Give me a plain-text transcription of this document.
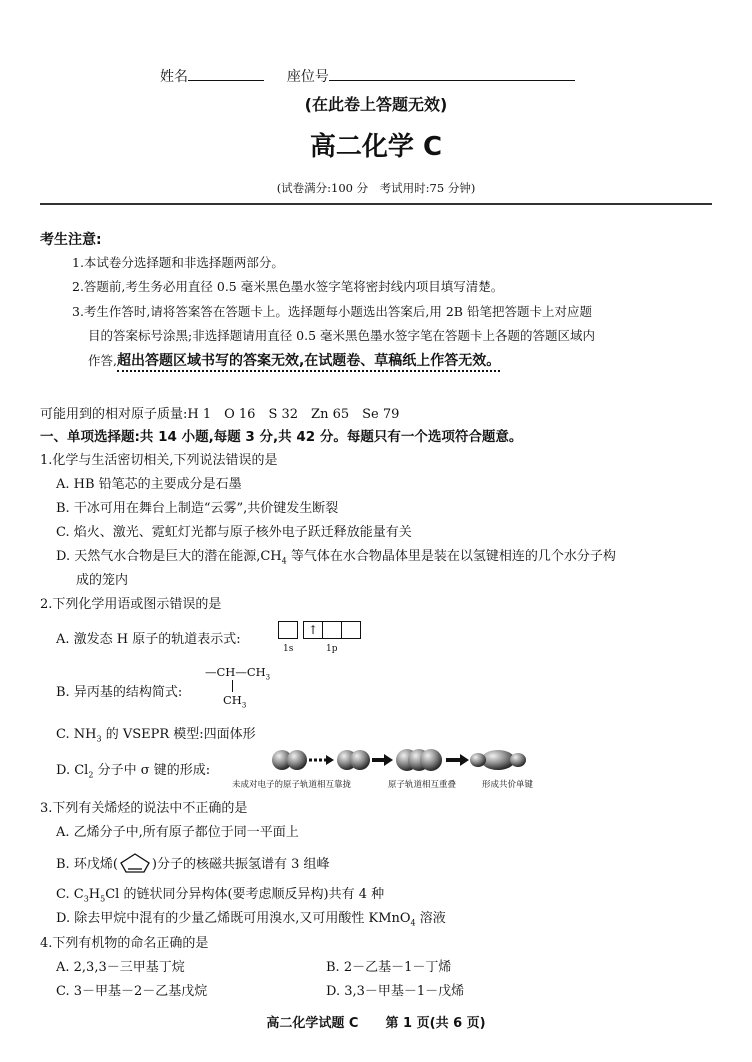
姓名	座位号
(在此卷上答题无效)
高二化学 C
(试卷满分:100 分　考试用时:75 分钟)
考生注意:
1.本试卷分选择题和非选择题两部分。
2.答题前,考生务必用直径 0.5 毫米黑色墨水签字笔将密封线内项目填写清楚。
3.考生作答时,请将答案答在答题卡上。选择题每小题选出答案后,用 2B 铅笔把答题卡上对应题
目的答案标号涂黑;非选择题请用直径 0.5 毫米黑色墨水签字笔在答题卡上各题的答题区域内
作答,超出答题区域书写的答案无效,在试题卷、草稿纸上作答无效。
可能用到的相对原子质量:H 1　O 16　S 32　Zn 65　Se 79
一、单项选择题:共 14 小题,每题 3 分,共 42 分。每题只有一个选项符合题意。
1.化学与生活密切相关,下列说法错误的是
A. HB 铅笔芯的主要成分是石墨
B. 干冰可用在舞台上制造“云雾”,共价键发生断裂
C. 焰火、激光、霓虹灯光都与原子核外电子跃迁释放能量有关
D. 天然气水合物是巨大的潜在能源$,CH_4$ 等气体在水合物晶体里是装在以氢键相连的几个水分子构
成的笼内
2.下列化学用语或图示错误的是
A. 激发态 H 原子的轨道表示式:
↑
1s	1p
B. 异丙基的结构简式:
$—CH—CH_3$
$CH_3$
C. $NH_3$ 的 VSEPR 模型:四面体形
D. $Cl_2$ 分子中 σ 键的形成:
未成对电子的原子轨道相互靠拢	原子轨道相互重叠	形成共价单键
3.下列有关烯烃的说法中不正确的是
A. 乙烯分子中,所有原子都位于同一平面上
B. 环戊烯(	)分子的核磁共振氢谱有 3 组峰
C. $C_3H_5Cl$ 的链状同分异构体(要考虑顺反异构)共有 4 种
D. 除去甲烷中混有的少量乙烯既可用溴水,又可用酸性 KMnO$_4$ 溶液
4.下列有机物的命名正确的是
A. 2,3,3－三甲基丁烷	B. 2－乙基－1－丁烯
C. 3－甲基－2－乙基戊烷	D. 3,3－甲基－1－戊烯
高二化学试题 C 第 1 页(共 6 页)
